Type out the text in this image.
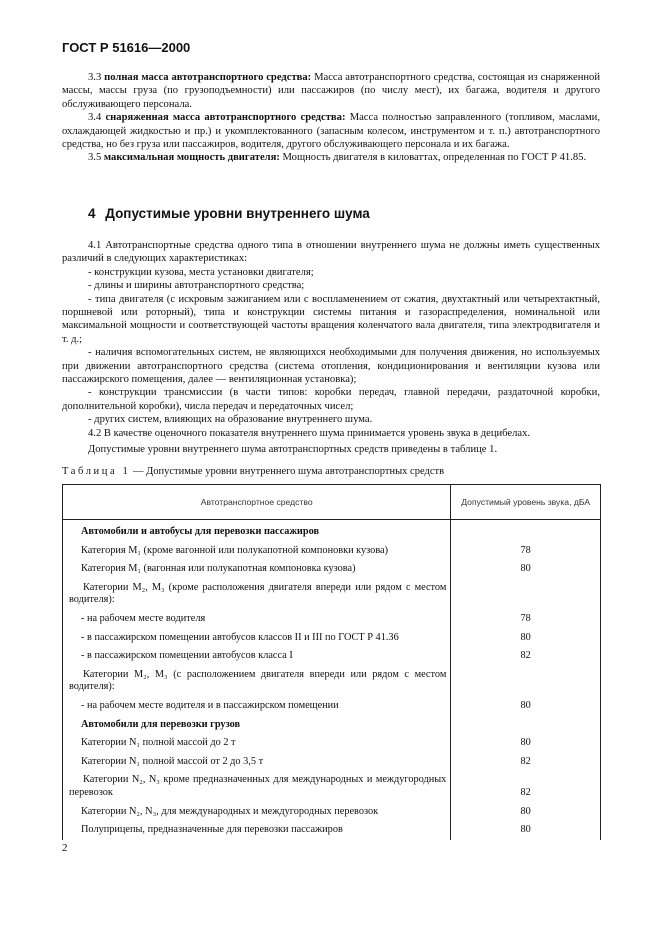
ГОСТ Р 51616—2000

3.3 полная масса автотранспортного средства: Масса автотранспортного средства, состоящая из снаряженной массы, массы груза (по грузоподъемности) или пассажиров (по числу мест), их багажа, водителя и другого обслуживающего персонала.

3.4 снаряженная масса автотранспортного средства: Масса полностью заправленного (топливом, маслами, охлаждающей жидкостью и пр.) и укомплектованного (запасным колесом, инструментом и т. п.) автотранспортного средства, но без груза или пассажиров, водителя, другого обслуживающего персонала и их багажа.

3.5 максимальная мощность двигателя: Мощность двигателя в киловаттах, определенная по ГОСТ Р 41.85.

4 Допустимые уровни внутреннего шума

4.1 Автотранспортные средства одного типа в отношении внутреннего шума не должны иметь существенных различий в следующих характеристиках:

- конструкции кузова, места установки двигателя;

- длины и ширины автотранспортного средства;

- типа двигателя (с искровым зажиганием или с воспламенением от сжатия, двухтактный или четырехтактный, поршневой или роторный), типа и конструкции системы питания и газораспределения, номинальной или максимальной мощности и соответствующей частоты вращения коленчатого вала двигателя, типа электродвигателя и т. д.;

- наличия вспомогательных систем, не являющихся необходимыми для получения движения, но используемых при движении автотранспортного средства (система отопления, кондиционирования и вентиляции кузова или пассажирского помещения, далее — вентиляционная установка);

- конструкции трансмиссии (в части типов: коробки передач, главной передачи, раздаточной коробки, дополнительной коробки), числа передач и передаточных чисел;

- других систем, влияющих на образование внутреннего шума.

4.2 В качестве оценочного показателя внутреннего шума принимается уровень звука в децибелах.

Допустимые уровни внутреннего шума автотранспортных средств приведены в таблице 1.

Таблица 1 — Допустимые уровни внутреннего шума автотранспортных средств
Автотранспортное средство	Допустимый уровень звука, дБА
Автомобили и автобусы для перевозки пассажиров	
Категория M₁ (кроме вагонной или полукапотной компоновки кузова)	78
Категория M₁ (вагонная или полукапотная компоновка кузова)	80
Категории M₂, M₃ (кроме расположения двигателя впереди или рядом с местом водителя):	
- на рабочем месте водителя	78
- в пассажирском помещении автобусов классов II и III по ГОСТ Р 41.36	80
- в пассажирском помещении автобусов класса I	82
Категории M₂, M₃ (с расположением двигателя впереди или рядом с местом водителя):	
- на рабочем месте водителя и в пассажирском помещении	80
Автомобили для перевозки грузов	
Категории N₁ полной массой до 2 т	80
Категории N₁ полной массой от 2 до 3,5 т	82
Категории N₂, N₃ кроме предназначенных для международных и междугородных перевозок	82
Категории N₂, N₃, для международных и междугородных перевозок	80
Полуприцепы, предназначенные для перевозки пассажиров	80
2
